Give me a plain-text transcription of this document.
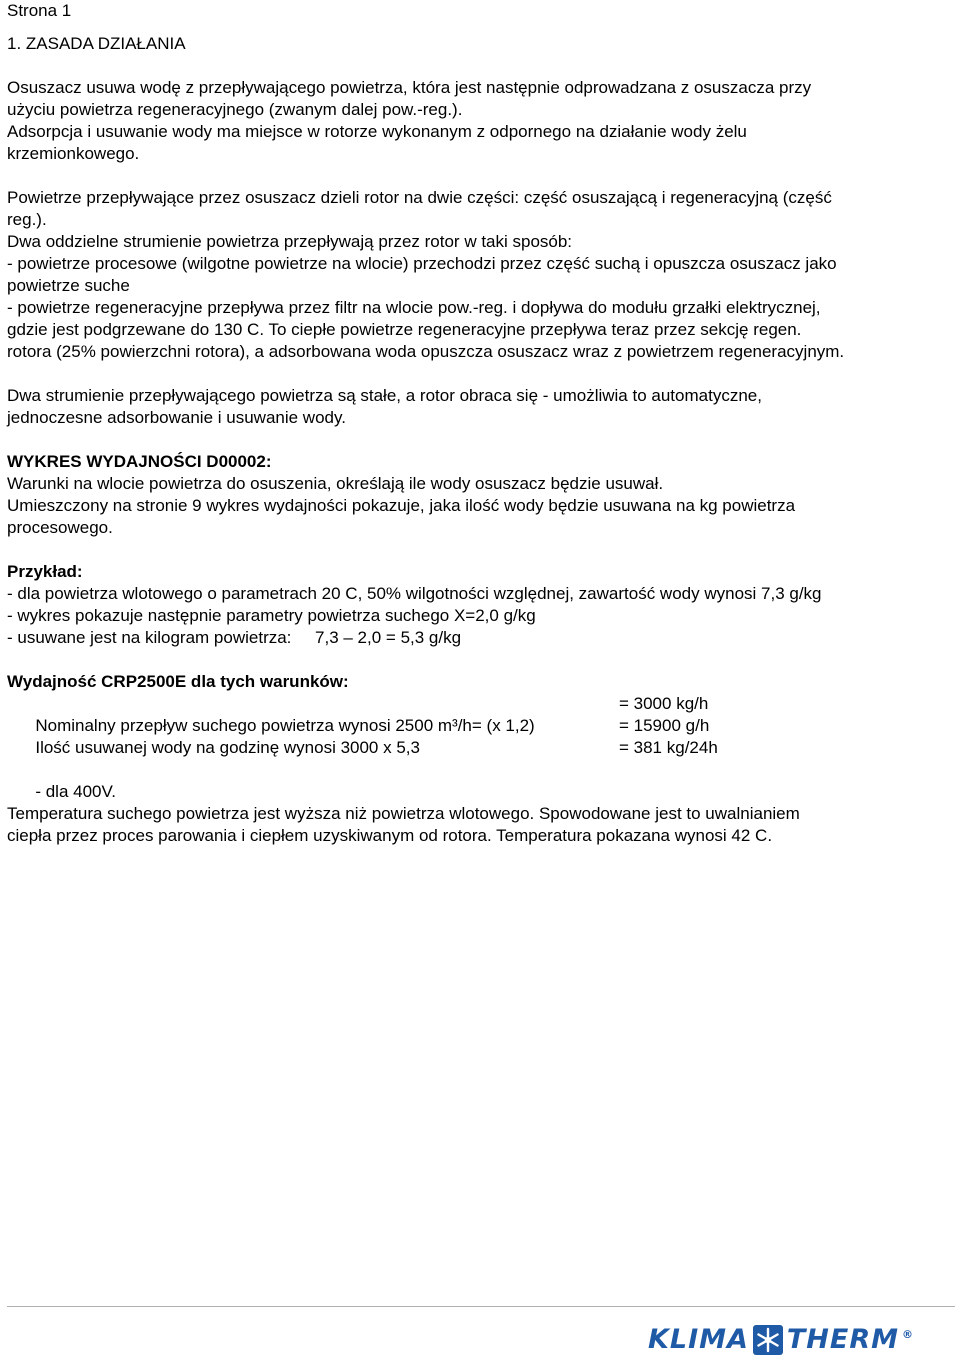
Strona 1
1. ZASADA DZIAŁANIA
Osuszacz usuwa wodę z przepływającego powietrza, która jest następnie odprowadzana z osuszacza przy
użyciu powietrza regeneracyjnego (zwanym dalej pow.-reg.).
Adsorpcja i usuwanie wody ma miejsce w rotorze wykonanym z odpornego na działanie wody żelu
krzemionkowego.
Powietrze przepływające przez osuszacz dzieli rotor na dwie części: część osuszającą i regeneracyjną (część
reg.).
Dwa oddzielne strumienie powietrza przepływają przez rotor w taki sposób:
- powietrze procesowe (wilgotne powietrze na wlocie) przechodzi przez część suchą i opuszcza osuszacz jako
powietrze suche
- powietrze regeneracyjne przepływa przez filtr na wlocie pow.-reg. i dopływa do modułu grzałki elektrycznej,
gdzie jest podgrzewane do 130 C. To ciepłe powietrze regeneracyjne przepływa teraz przez sekcję regen.
rotora (25% powierzchni rotora), a adsorbowana woda opuszcza osuszacz wraz z powietrzem regeneracyjnym.
Dwa strumienie przepływającego powietrza są stałe, a rotor obraca się - umożliwia to automatyczne,
jednoczesne adsorbowanie i usuwanie wody.
WYKRES WYDAJNOŚCI D00002:
Warunki na wlocie powietrza do osuszenia, określają ile wody osuszacz będzie usuwał.
Umieszczony na stronie 9 wykres wydajności pokazuje, jaka ilość wody będzie usuwana na kg powietrza
procesowego.
Przykład:
- dla powietrza wlotowego o parametrach 20 C, 50% wilgotności względnej, zawartość wody wynosi 7,3 g/kg
- wykres pokazuje następnie parametry powietrza suchego X=2,0 g/kg
- usuwane jest na kilogram powietrza:     7,3 – 2,0 = 5,3 g/kg
Wydajność CRP2500E dla tych warunków:

Nominalny przepływ suchego powietrza wynosi 2500 m³/h= (x 1,2)

= 3000 kg/h

Ilość usuwanej wody na godzinę wynosi 3000 x 5,3

= 15900 g/h

= 381 kg/24h

- dla 400V.

Temperatura suchego powietrza jest wyższa niż powietrza wlotowego. Spowodowane jest to uwalnianiem
ciepła przez proces parowania i ciepłem uzyskiwanym od rotora. Temperatura pokazana wynosi 42 C.
KLIMA THERM ®
